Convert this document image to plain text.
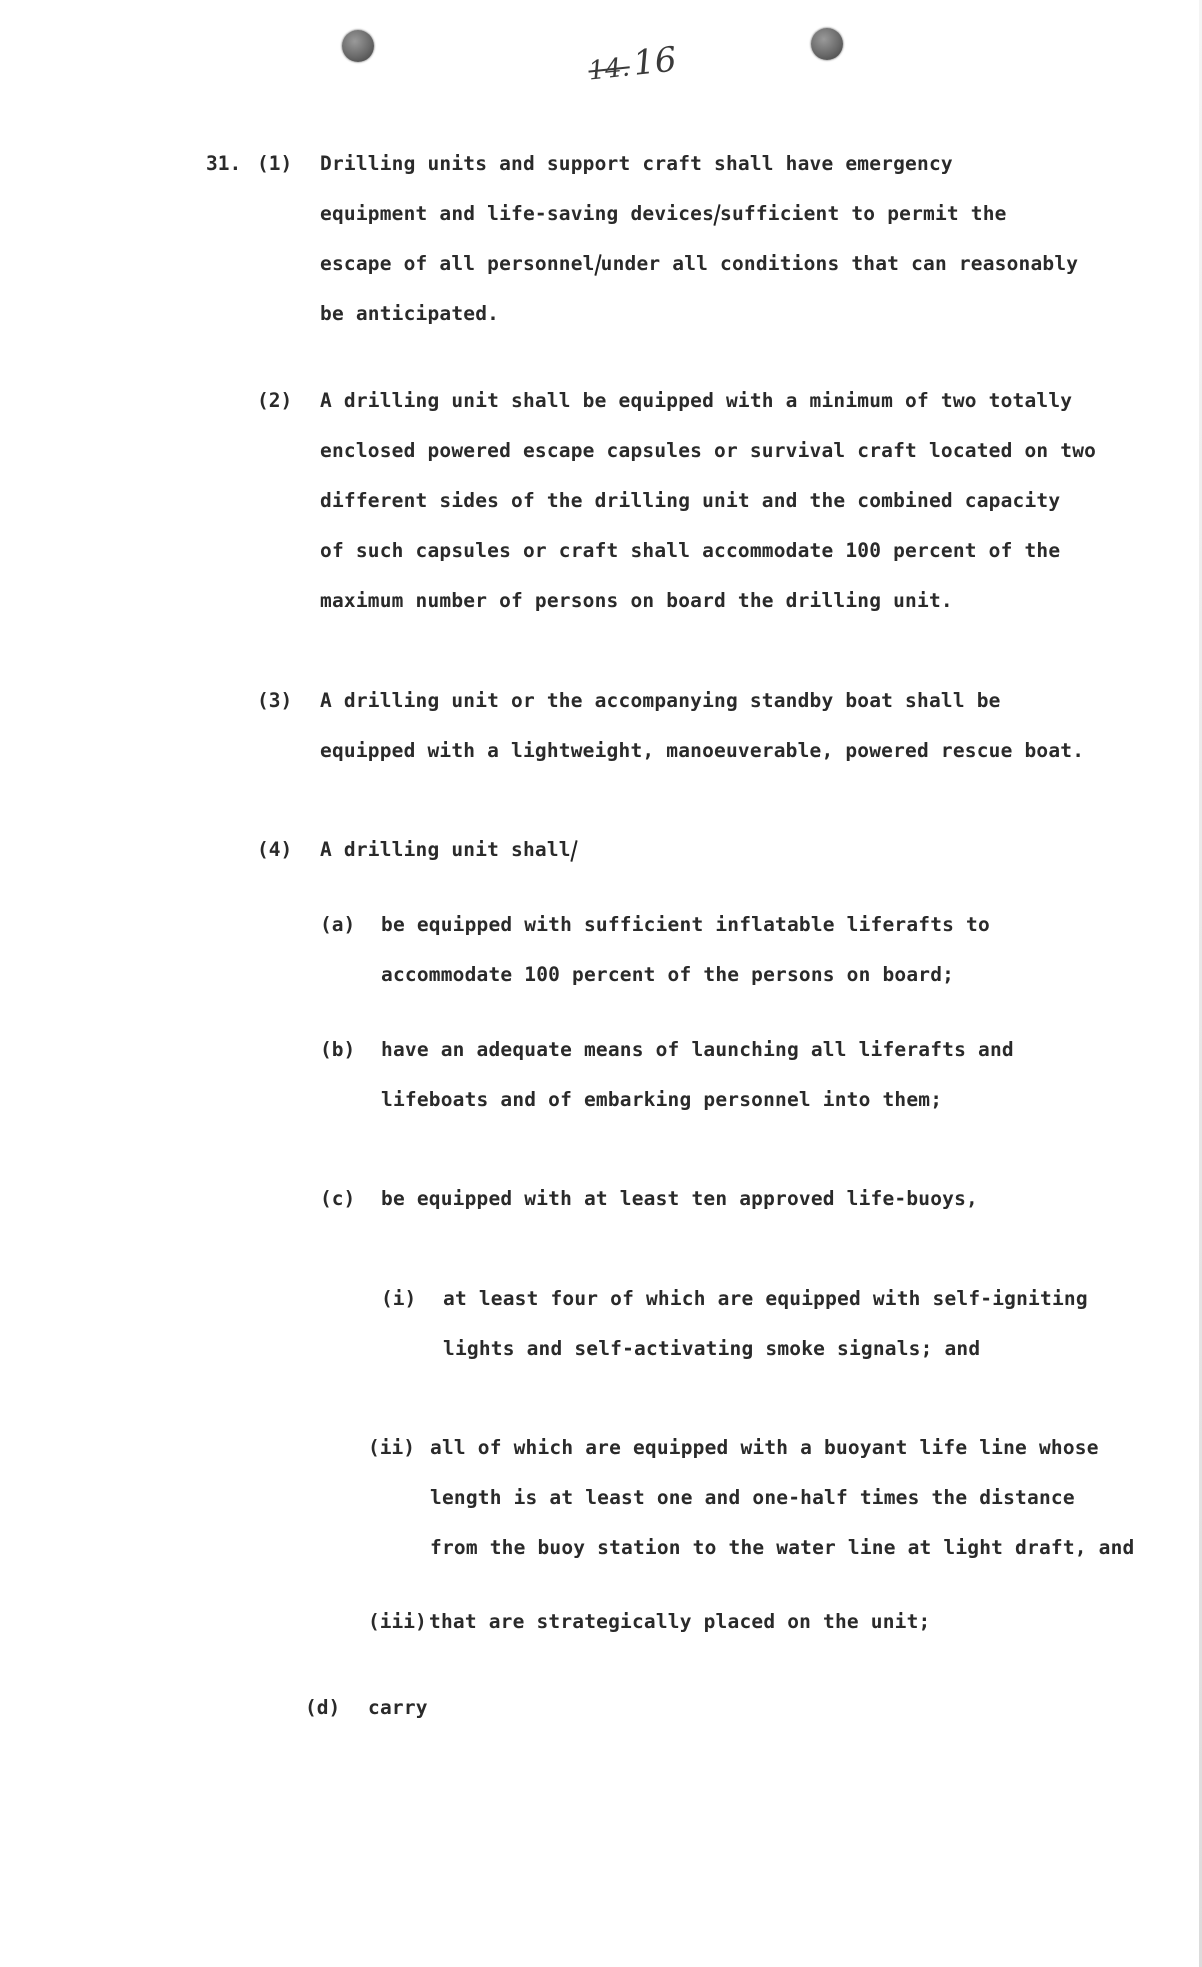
14.16
31. (1) Drilling units and support craft shall have emergency
equipment and life-saving devices sufficient to permit the
escape of all personnel under all conditions that can reasonably
be anticipated.
(2) A drilling unit shall be equipped with a minimum of two totally
enclosed powered escape capsules or survival craft located on two
different sides of the drilling unit and the combined capacity
of such capsules or craft shall accommodate 100 percent of the
maximum number of persons on board the drilling unit.
(3) A drilling unit or the accompanying standby boat shall be
equipped with a lightweight, manoeuverable, powered rescue boat.
(4) A drilling unit shall
(a) be equipped with sufficient inflatable liferafts to
accommodate 100 percent of the persons on board;
(b) have an adequate means of launching all liferafts and
lifeboats and of embarking personnel into them;
(c) be equipped with at least ten approved life-buoys,
(i) at least four of which are equipped with self-igniting
lights and self-activating smoke signals; and
(ii) all of which are equipped with a buoyant life line whose
length is at least one and one-half times the distance
from the buoy station to the water line at light draft, and
(iii) that are strategically placed on the unit;
(d) carry
